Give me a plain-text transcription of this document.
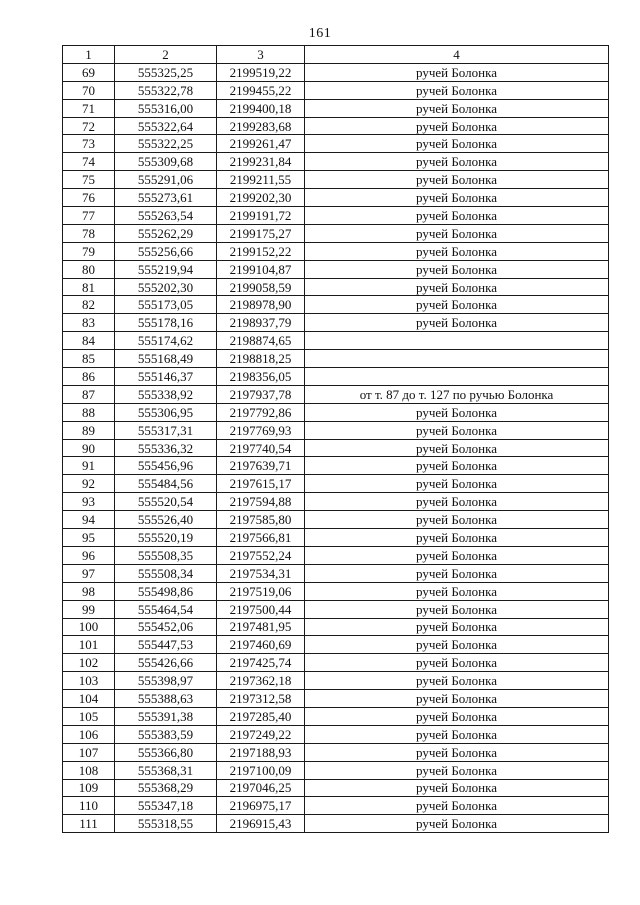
161
1	2	3	4
69	555325,25	2199519,22	ручей Болонка
70	555322,78	2199455,22	ручей Болонка
71	555316,00	2199400,18	ручей Болонка
72	555322,64	2199283,68	ручей Болонка
73	555322,25	2199261,47	ручей Болонка
74	555309,68	2199231,84	ручей Болонка
75	555291,06	2199211,55	ручей Болонка
76	555273,61	2199202,30	ручей Болонка
77	555263,54	2199191,72	ручей Болонка
78	555262,29	2199175,27	ручей Болонка
79	555256,66	2199152,22	ручей Болонка
80	555219,94	2199104,87	ручей Болонка
81	555202,30	2199058,59	ручей Болонка
82	555173,05	2198978,90	ручей Болонка
83	555178,16	2198937,79	ручей Болонка
84	555174,62	2198874,65	
85	555168,49	2198818,25	
86	555146,37	2198356,05	
87	555338,92	2197937,78	от т. 87 до т. 127 по ручью Болонка
88	555306,95	2197792,86	ручей Болонка
89	555317,31	2197769,93	ручей Болонка
90	555336,32	2197740,54	ручей Болонка
91	555456,96	2197639,71	ручей Болонка
92	555484,56	2197615,17	ручей Болонка
93	555520,54	2197594,88	ручей Болонка
94	555526,40	2197585,80	ручей Болонка
95	555520,19	2197566,81	ручей Болонка
96	555508,35	2197552,24	ручей Болонка
97	555508,34	2197534,31	ручей Болонка
98	555498,86	2197519,06	ручей Болонка
99	555464,54	2197500,44	ручей Болонка
100	555452,06	2197481,95	ручей Болонка
101	555447,53	2197460,69	ручей Болонка
102	555426,66	2197425,74	ручей Болонка
103	555398,97	2197362,18	ручей Болонка
104	555388,63	2197312,58	ручей Болонка
105	555391,38	2197285,40	ручей Болонка
106	555383,59	2197249,22	ручей Болонка
107	555366,80	2197188,93	ручей Болонка
108	555368,31	2197100,09	ручей Болонка
109	555368,29	2197046,25	ручей Болонка
110	555347,18	2196975,17	ручей Болонка
111	555318,55	2196915,43	ручей Болонка
